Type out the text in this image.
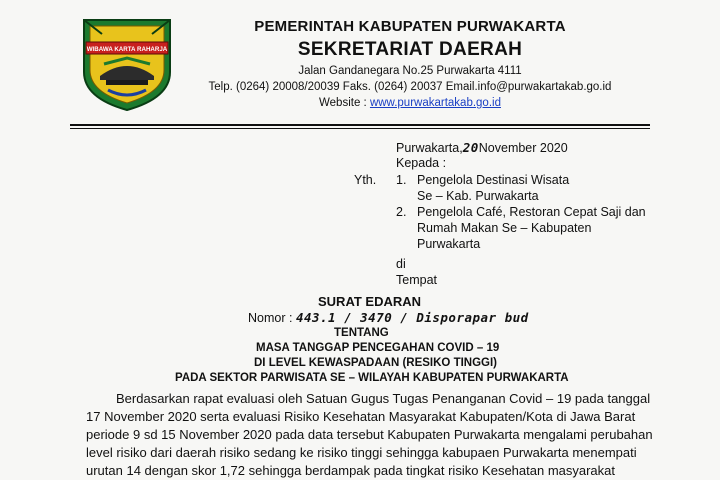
WIBAWA KARTA RAHARJA
PEMERINTAH KABUPATEN PURWAKARTA
SEKRETARIAT DAERAH
Jalan Gandanegara No.25 Purwakarta 4111
Telp. (0264) 20008/20039 Faks. (0264) 20037 Email.info@purwakartakab.go.id
Website : www.purwakartakab.go.id
Purwakarta,20November 2020
Kepada :
Yth. 1. Pengelola Destinasi Wisata
Se – Kab. Purwakarta
2. Pengelola Café, Restoran Cepat Saji dan
Rumah Makan Se – Kabupaten
Purwakarta
di
Tempat
SURAT EDARAN
Nomor : 443.1 / 3470 / Disporapar bud
TENTANG
MASA TANGGAP PENCEGAHAN COVID – 19
DI LEVEL KEWASPADAAN (RESIKO TINGGI)
PADA SEKTOR PARWISATA SE – WILAYAH KABUPATEN PURWAKARTA
Berdasarkan rapat evaluasi oleh Satuan Gugus Tugas Penanganan Covid – 19 pada tanggal
17 November 2020 serta evaluasi Risiko Kesehatan Masyarakat Kabupaten/Kota di Jawa Barat
periode 9 sd 15 November 2020 pada data tersebut Kabupaten Purwakarta mengalami perubahan
level risiko dari daerah risiko sedang ke risiko tinggi sehingga kabupaen Purwakarta menempati
urutan 14 dengan skor 1,72 sehingga berdampak pada tingkat risiko Kesehatan masyarakat
